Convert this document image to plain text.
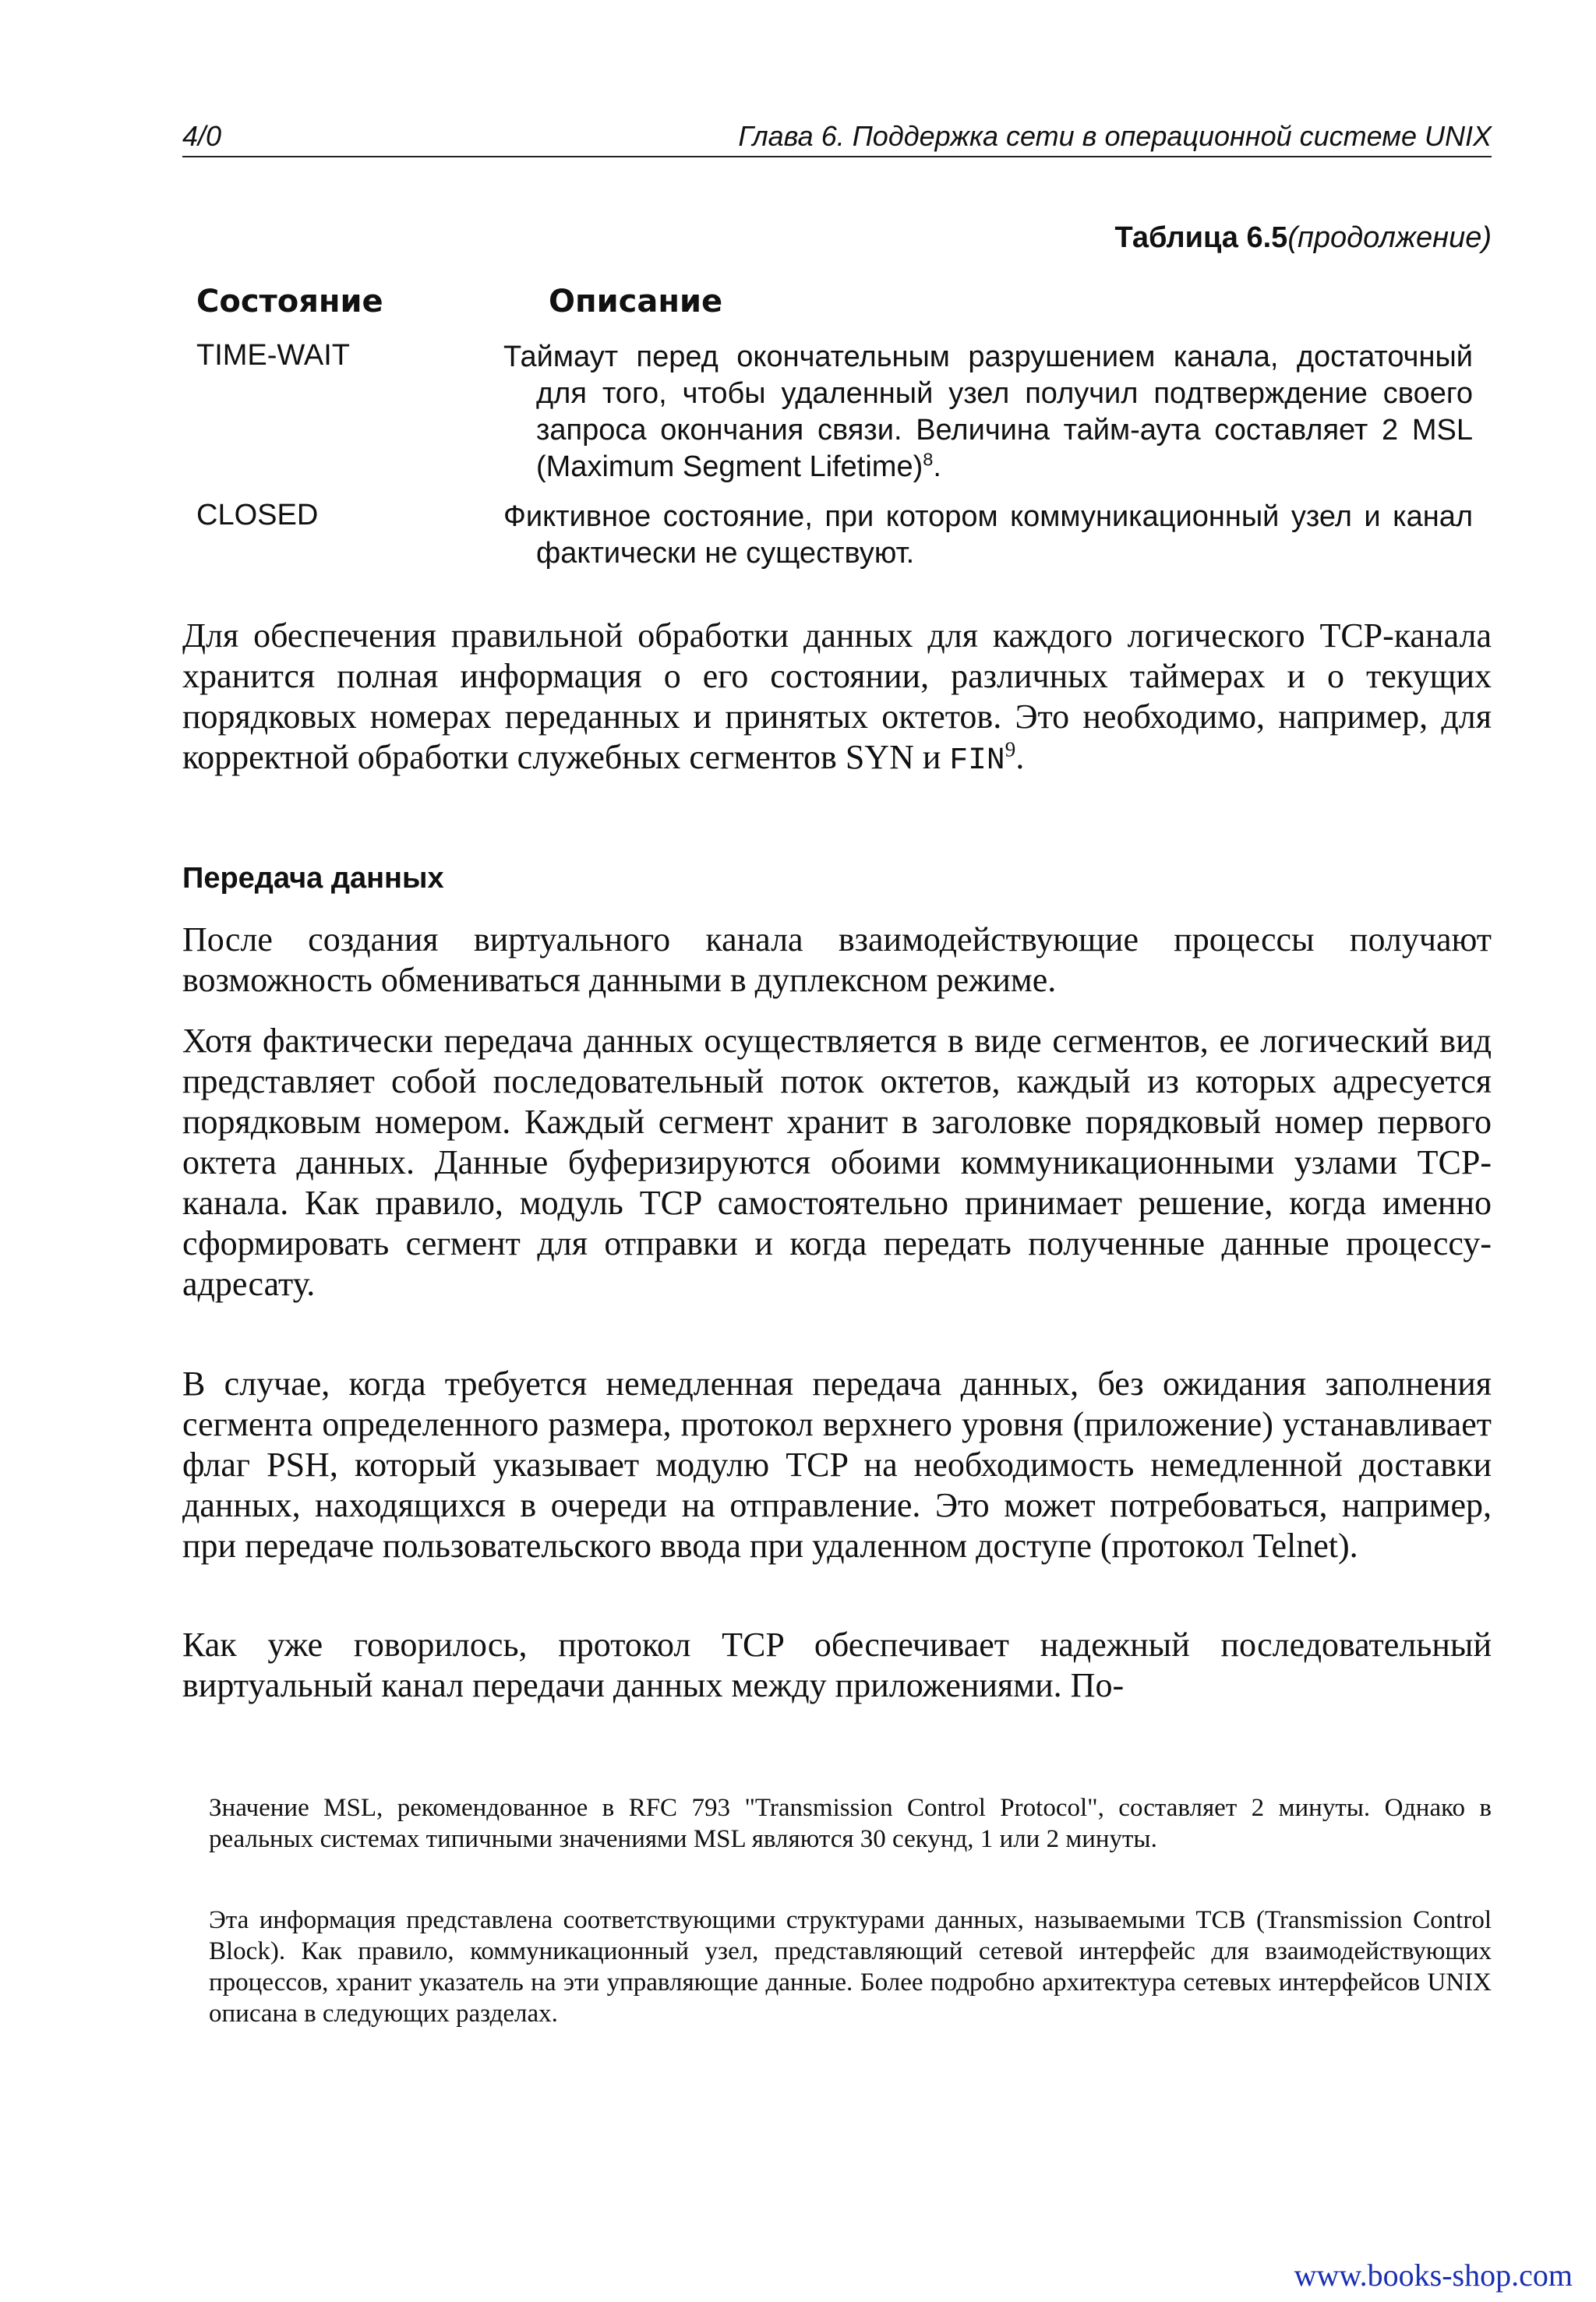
4/0	Глава 6. Поддержка сети в операционной системе UNIX
Таблица 6.5(продолжение)
Состояние	Описание
TIME-WAIT	Таймаут перед окончательным разрушением канала, достаточный для того, чтобы удаленный узел получил подтверждение своего запроса окончания связи. Величина тайм-аута составляет 2 MSL (Maximum Segment Lifetime)$^8$.
CLOSED	Фиктивное состояние, при котором коммуникационный узел и канал фактически не существуют.
Для обеспечения правильной обработки данных для каждого логического TCP-канала хранится полная информация о его состоянии, различных таймерах и о текущих порядковых номерах переданных и принятых октетов. Это необходимо, например, для корректной обработки служебных сегментов SYN и FIN$^9$.
Передача данных
После создания виртуального канала взаимодействующие процессы получают возможность обмениваться данными в дуплексном режиме.
Хотя фактически передача данных осуществляется в виде сегментов, ее логический вид представляет собой последовательный поток октетов, каждый из которых адресуется порядковым номером. Каждый сегмент хранит в заголовке порядковый номер первого октета данных. Данные буферизируются обоими коммуникационными узлами TCP-канала. Как правило, модуль TCP самостоятельно принимает решение, когда именно сформировать сегмент для отправки и когда передать полученные данные процессу-адресату.
В случае, когда требуется немедленная передача данных, без ожидания заполнения сегмента определенного размера, протокол верхнего уровня (приложение) устанавливает флаг PSH, который указывает модулю TCP на необходимость немедленной доставки данных, находящихся в очереди на отправление. Это может потребоваться, например, при передаче пользовательского ввода при удаленном доступе (протокол Telnet).
Как уже говорилось, протокол TCP обеспечивает надежный последовательный виртуальный канал передачи данных между приложениями. По-
Значение MSL, рекомендованное в RFC 793 "Transmission Control Protocol", составляет 2 минуты. Однако в реальных системах типичными значениями MSL являются 30 секунд, 1 или 2 минуты.
Эта информация представлена соответствующими структурами данных, называемыми TCB (Transmission Control Block). Как правило, коммуникационный узел, представляющий сетевой интерфейс для взаимодействующих процессов, хранит указатель на эти управляющие данные. Более подробно архитектура сетевых интерфейсов UNIX описана в следующих разделах.
www.books-shop.com
